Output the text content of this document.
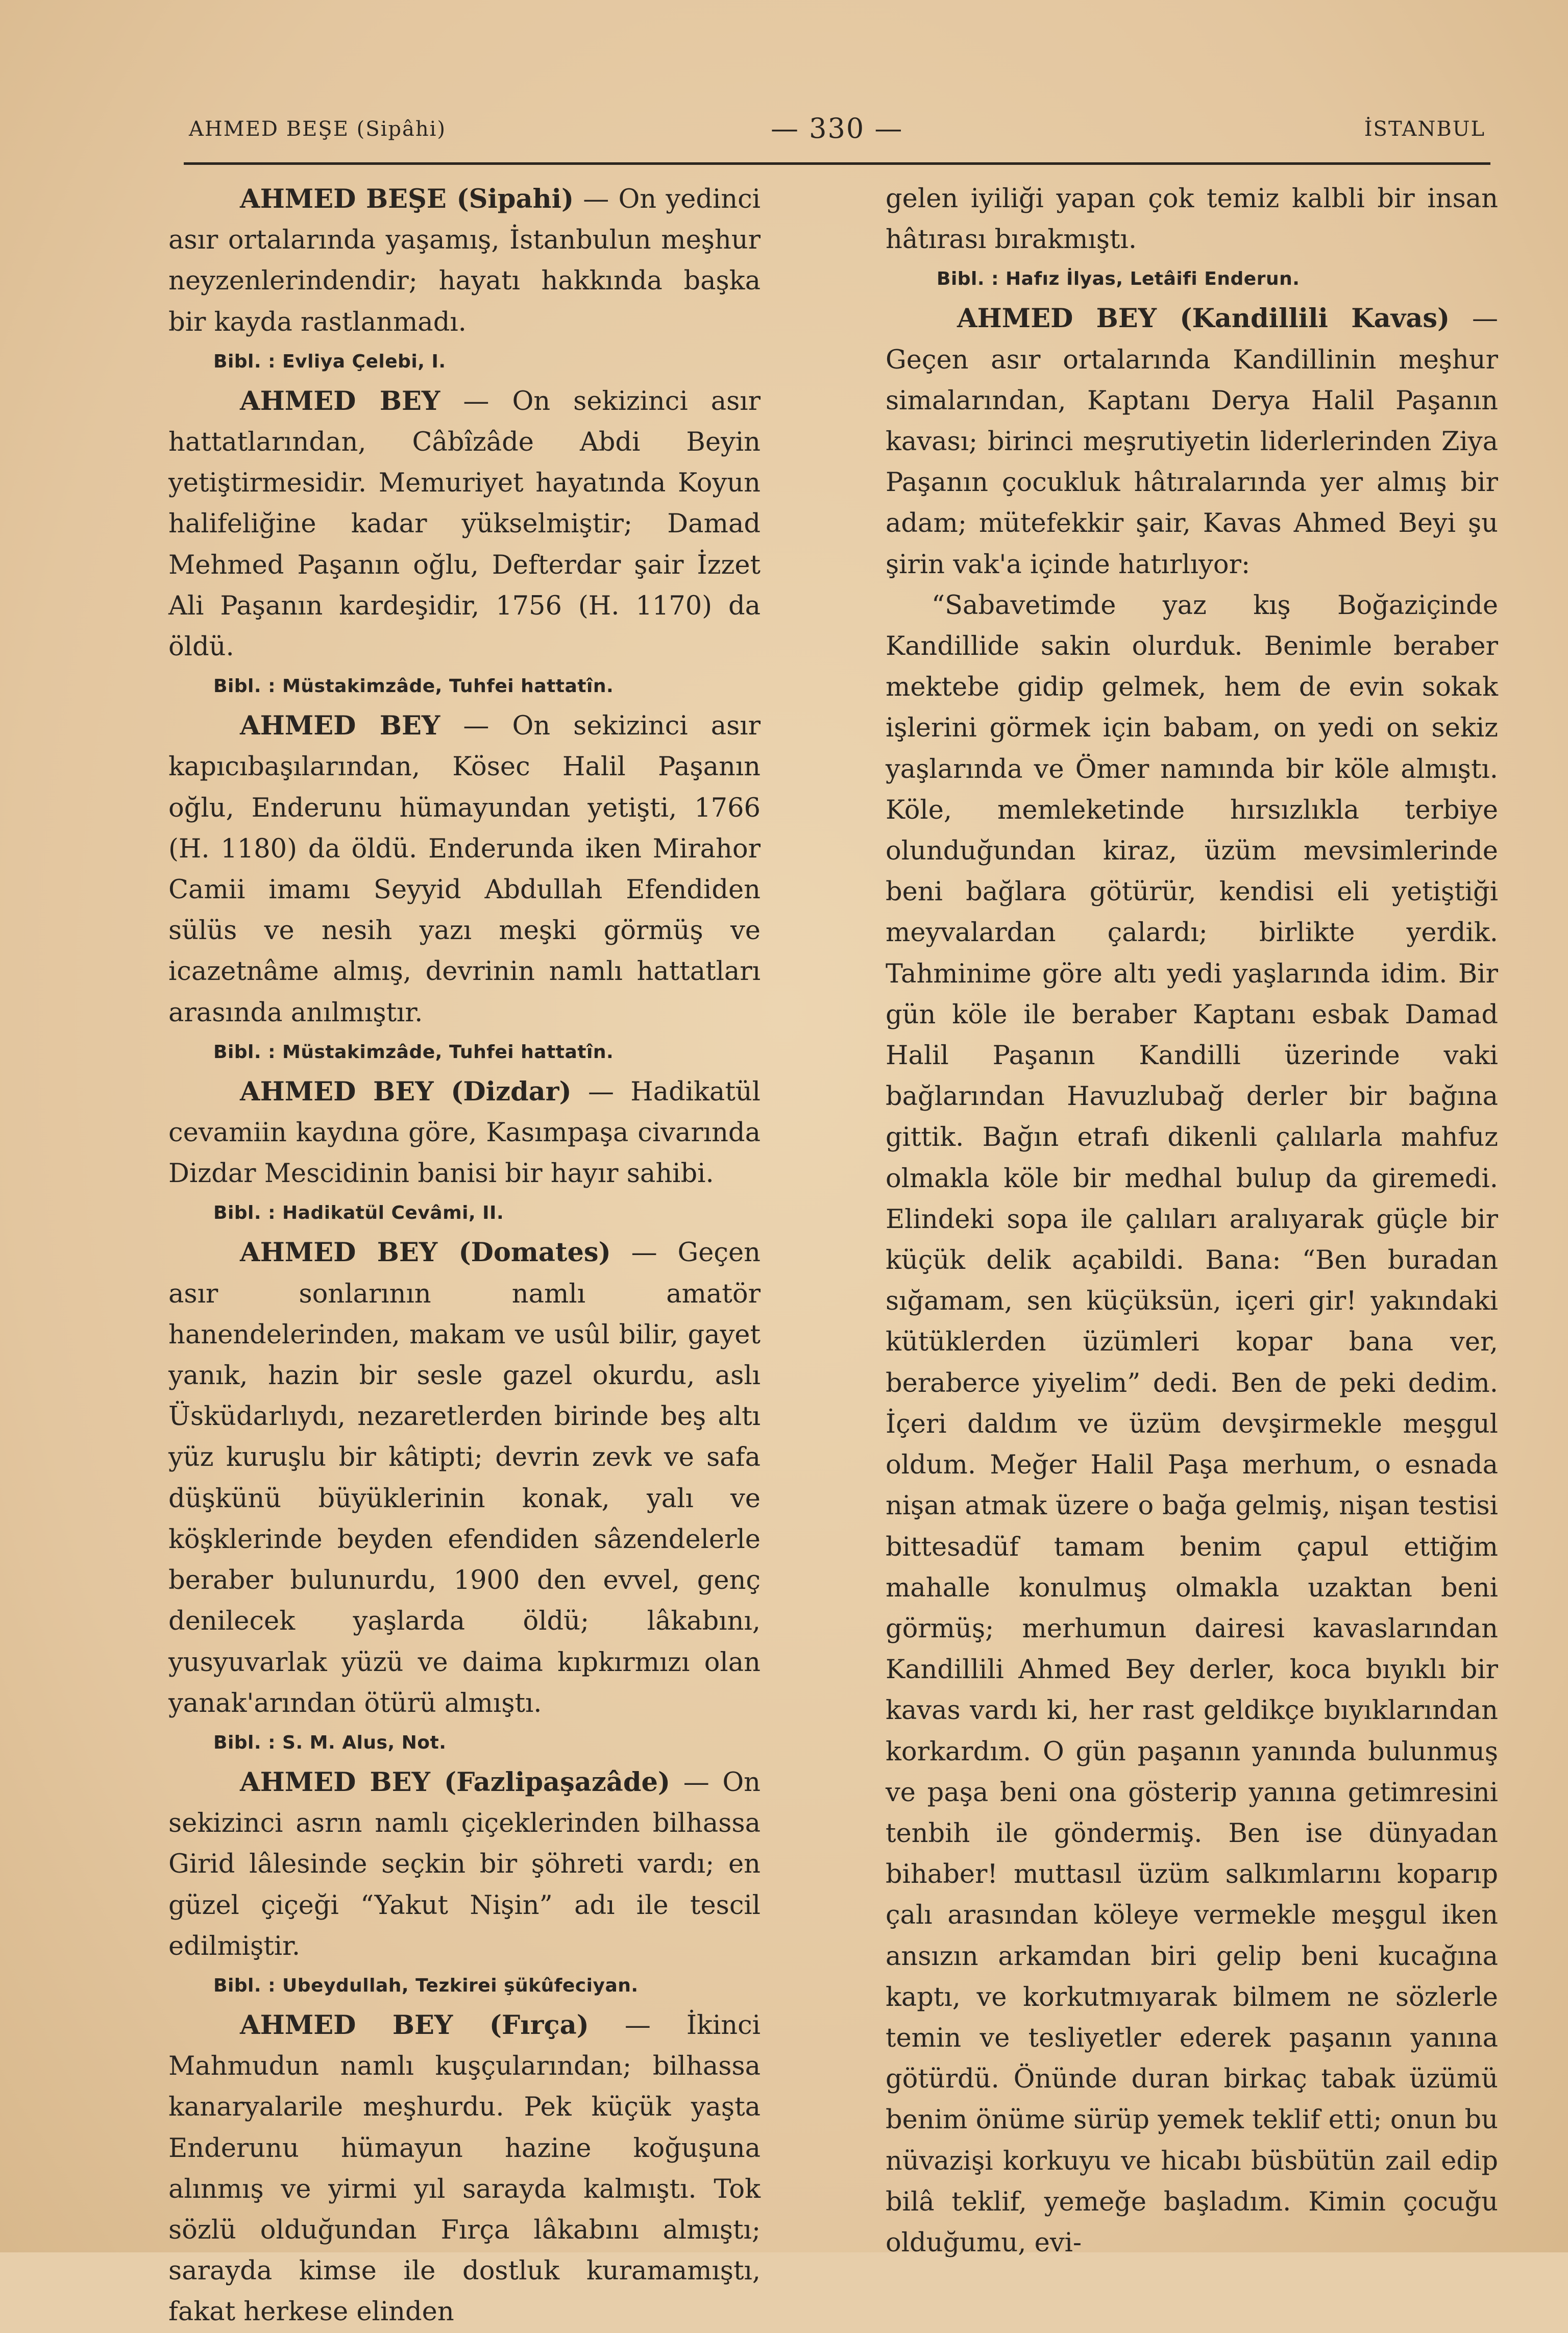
AHMED BEŞE (Sipâhi)	— 330 —	İSTANBUL

AHMED BEŞE (Sipahi) — On yedinci asır ortalarında yaşamış, İstanbulun meşhur neyzenlerindendir; hayatı hakkında başka bir kayda rastlanmadı.

Bibl. : Evliya Çelebi, I.

AHMED BEY — On sekizinci asır hattatlarından, Câbîzâde Abdi Beyin yetiştirmesidir. Memuriyet hayatında Koyun halifeliğine kadar yükselmiştir; Damad Mehmed Paşanın oğlu, Defterdar şair İzzet Ali Paşanın kardeşidir, 1756 (H. 1170) da öldü.

Bibl. : Müstakimzâde, Tuhfei hattatîn.

AHMED BEY — On sekizinci asır kapıcıbaşılarından, Kösec Halil Paşanın oğlu, Enderunu hümayundan yetişti, 1766 (H. 1180) da öldü. Enderunda iken Mirahor Camii imamı Seyyid Abdullah Efendiden sülüs ve nesih yazı meşki görmüş ve icazetnâme almış, devrinin namlı hattatları arasında anılmıştır.

Bibl. : Müstakimzâde, Tuhfei hattatîn.

AHMED BEY (Dizdar) — Hadikatül cevamiin kaydına göre, Kasımpaşa civarında Dizdar Mescidinin banisi bir hayır sahibi.

Bibl. : Hadikatül Cevâmi, II.

AHMED BEY (Domates) — Geçen asır sonlarının namlı amatör hanendelerinden, makam ve usûl bilir, gayet yanık, hazin bir sesle gazel okurdu, aslı Üsküdarlıydı, nezaretlerden birinde beş altı yüz kuruşlu bir kâtipti; devrin zevk ve safa düşkünü büyüklerinin konak, yalı ve köşklerinde beyden efendiden sâzendelerle beraber bulunurdu, 1900 den evvel, genç denilecek yaşlarda öldü; lâkabını, yusyuvarlak yüzü ve daima kıpkırmızı olan yanak'arından ötürü almıştı.

Bibl. : S. M. Alus, Not.

AHMED BEY (Fazlipaşazâde) — On sekizinci asrın namlı çiçeklerinden bilhassa Girid lâlesinde seçkin bir şöhreti vardı; en güzel çiçeği “Yakut Nişin” adı ile tescil edilmiştir.

Bibl. : Ubeydullah, Tezkirei şükûfeciyan.

AHMED BEY (Fırça) — İkinci Mahmudun namlı kuşçularından; bilhassa kanaryalarile meşhurdu. Pek küçük yaşta Enderunu hümayun hazine koğuşuna alınmış ve yirmi yıl sarayda kalmıştı. Tok sözlü olduğundan Fırça lâkabını almıştı; sarayda kimse ile dostluk kuramamıştı, fakat herkese elinden

gelen iyiliği yapan çok temiz kalbli bir insan hâtırası bırakmıştı.

Bibl. : Hafız İlyas, Letâifi Enderun.

AHMED BEY (Kandillili Kavas) — Geçen asır ortalarında Kandillinin meşhur simalarından, Kaptanı Derya Halil Paşanın kavası; birinci meşrutiyetin liderlerinden Ziya Paşanın çocukluk hâtıralarında yer almış bir adam; mütefekkir şair, Kavas Ahmed Beyi şu şirin vak'a içinde hatırlıyor:

“Sabavetimde yaz kış Boğaziçinde Kandillide sakin olurduk. Benimle beraber mektebe gidip gelmek, hem de evin sokak işlerini görmek için babam, on yedi on sekiz yaşlarında ve Ömer namında bir köle almıştı. Köle, memleketinde hırsızlıkla terbiye olunduğundan kiraz, üzüm mevsimlerinde beni bağlara götürür, kendisi eli yetiştiği meyvalardan çalardı; birlikte yerdik. Tahminime göre altı yedi yaşlarında idim. Bir gün köle ile beraber Kaptanı esbak Damad Halil Paşanın Kandilli üzerinde vaki bağlarından Havuzlubağ derler bir bağına gittik. Bağın etrafı dikenli çalılarla mahfuz olmakla köle bir medhal bulup da giremedi. Elindeki sopa ile çalıları aralıyarak güçle bir küçük delik açabildi. Bana: “Ben buradan sığamam, sen küçüksün, içeri gir! yakındaki kütüklerden üzümleri kopar bana ver, beraberce yiyelim” dedi. Ben de peki dedim. İçeri daldım ve üzüm devşirmekle meşgul oldum. Meğer Halil Paşa merhum, o esnada nişan atmak üzere o bağa gelmiş, nişan testisi bittesadüf tamam benim çapul ettiğim mahalle konulmuş olmakla uzaktan beni görmüş; merhumun dairesi kavaslarından Kandillili Ahmed Bey derler, koca bıyıklı bir kavas vardı ki, her rast geldikçe bıyıklarından korkardım. O gün paşanın yanında bulunmuş ve paşa beni ona gösterip yanına getimresini tenbih ile göndermiş. Ben ise dünyadan bihaber! muttasıl üzüm salkımlarını koparıp çalı arasından köleye vermekle meşgul iken ansızın arkamdan biri gelip beni kucağına kaptı, ve korkutmıyarak bilmem ne sözlerle temin ve tesliyetler ederek paşanın yanına götürdü. Önünde duran birkaç tabak üzümü benim önüme sürüp yemek teklif etti; onun bu nüvazişi korkuyu ve hicabı büsbütün zail edip bilâ teklif, yemeğe başladım. Kimin çocuğu olduğumu, evi-
